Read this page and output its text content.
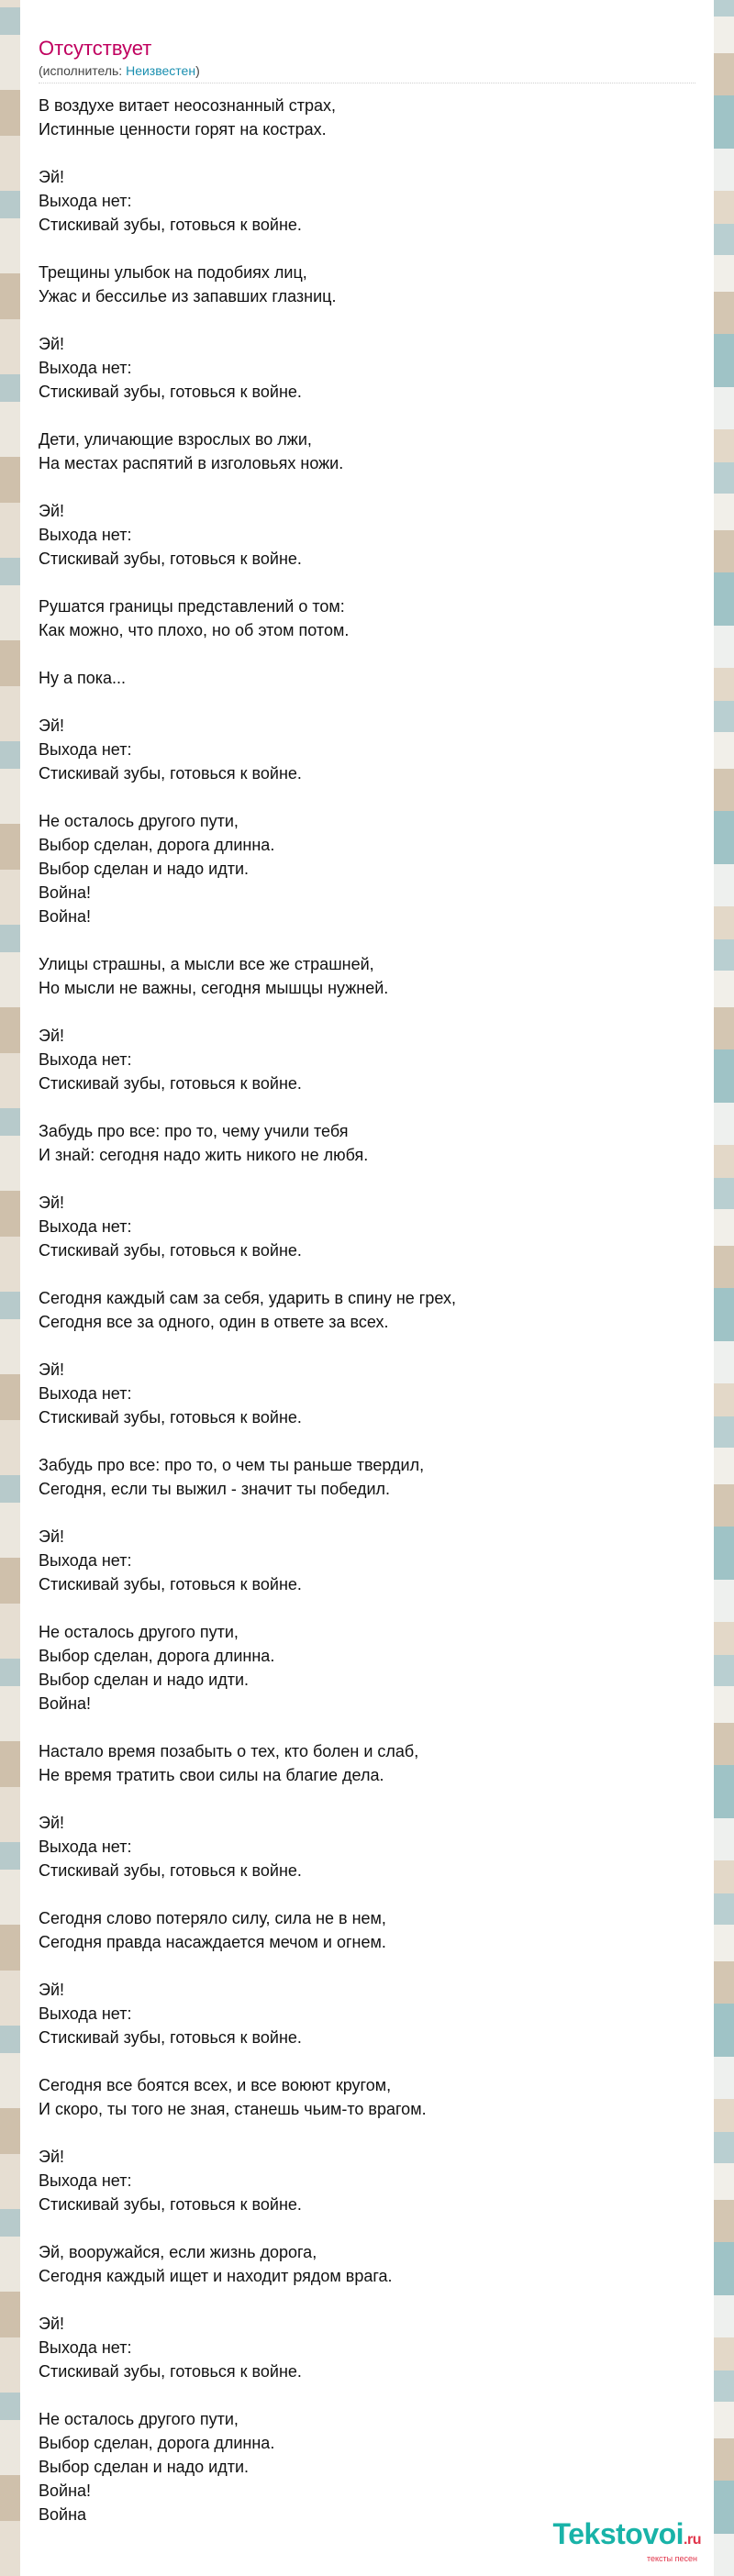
Отсутствует
(исполнитель: Неизвестен)

В воздухе витает неосознанный страх,
Истинные ценности горят на кострах.

Эй!
Выхода нет:
Стискивай зубы, готовься к войне.

Трещины улыбок на подобиях лиц,
Ужас и бессилье из запавших глазниц.

Эй!
Выхода нет:
Стискивай зубы, готовься к войне.

Дети, уличающие взрослых во лжи,
На местах распятий в изголовьях ножи.

Эй!
Выхода нет:
Стискивай зубы, готовься к войне.

Рушатся границы представлений о том:
Как можно, что плохо, но об этом потом.

Ну а пока...

Эй!
Выхода нет:
Стискивай зубы, готовься к войне.

Не осталось другого пути,
Выбор сделан, дорога длинна.
Выбор сделан и надо идти.
Война!
Война!

Улицы страшны, а мысли все же страшней,
Но мысли не важны, сегодня мышцы нужней.

Эй!
Выхода нет:
Стискивай зубы, готовься к войне.

Забудь про все: про то, чему учили тебя
И знай: сегодня надо жить никого не любя.

Эй!
Выхода нет:
Стискивай зубы, готовься к войне.

Сегодня каждый сам за себя, ударить в спину не грех,
Сегодня все за одного, один в ответе за всех.

Эй!
Выхода нет:
Стискивай зубы, готовься к войне.

Забудь про все: про то, о чем ты раньше твердил,
Сегодня, если ты выжил - значит ты победил.

Эй!
Выхода нет:
Стискивай зубы, готовься к войне.

Не осталось другого пути,
Выбор сделан, дорога длинна.
Выбор сделан и надо идти.
Война!

Настало время позабыть о тех, кто болен и слаб,
Не время тратить свои силы на благие дела.

Эй!
Выхода нет:
Стискивай зубы, готовься к войне.

Сегодня слово потеряло силу, сила не в нем,
Сегодня правда насаждается мечом и огнем.

Эй!
Выхода нет:
Стискивай зубы, готовься к войне.

Сегодня все боятся всех, и все воюют кругом,
И скоро, ты того не зная, станешь чьим-то врагом.

Эй!
Выхода нет:
Стискивай зубы, готовься к войне.

Эй, вооружайся, если жизнь дорога,
Сегодня каждый ищет и находит рядом врага.

Эй!
Выхода нет:
Стискивай зубы, готовься к войне.

Не осталось другого пути,
Выбор сделан, дорога длинна.
Выбор сделан и надо идти.
Война!
Война

Tekstovoi.ru
тексты песен
